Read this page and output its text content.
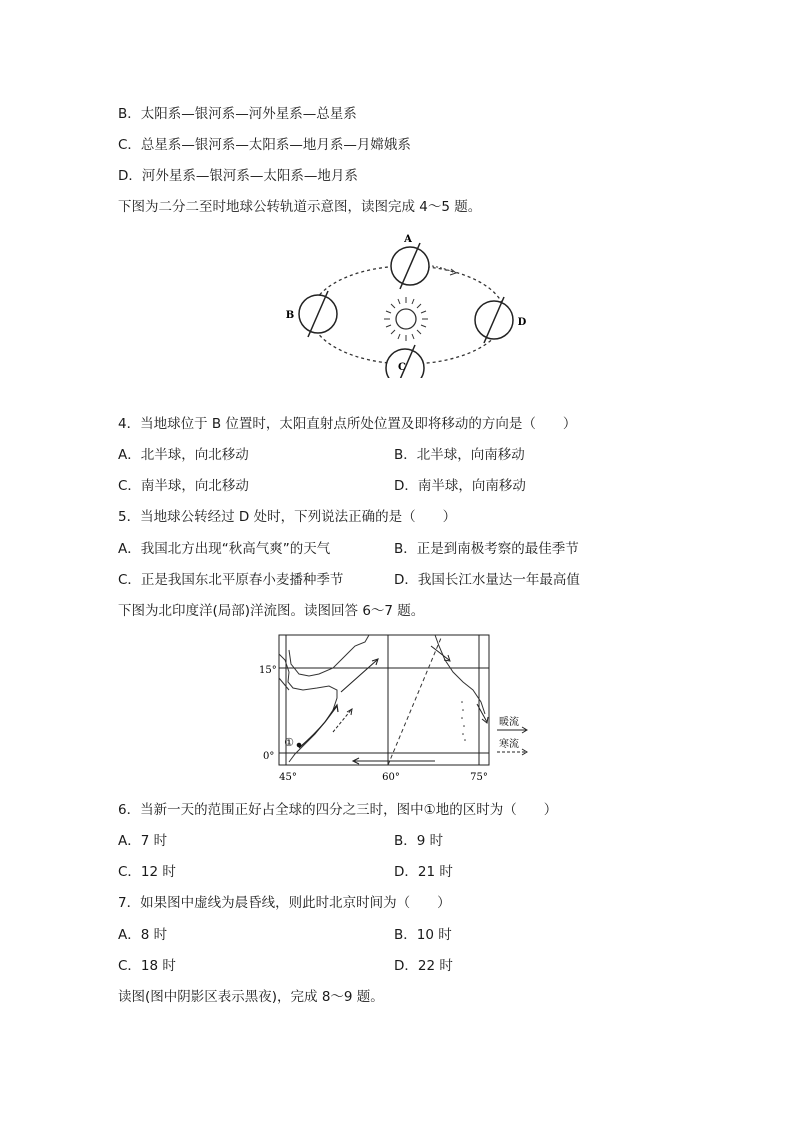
B．太阳系—银河系—河外星系—总星系
C．总星系—银河系—太阳系—地月系—月嫦娥系
D．河外星系—银河系—太阳系—地月系
下图为二分二至时地球公转轨道示意图，读图完成 4～5 题。
A
B
D
C
4．当地球位于 B 位置时，太阳直射点所处位置及即将移动的方向是（　　）
A．北半球，向北移动	B．北半球，向南移动
C．南半球，向北移动	D．南半球，向南移动
5．当地球公转经过 D 处时，下列说法正确的是（　　）
A．我国北方出现“秋高气爽”的天气	B．正是到南极考察的最佳季节
C．正是我国东北平原春小麦播种季节	D．我国长江水量达一年最高值
下图为北印度洋(局部)洋流图。读图回答 6～7 题。
①
15°
0°
45°	60°	75°
暖流
寒流
6．当新一天的范围正好占全球的四分之三时，图中①地的区时为（　　）
A．7 时	B．9 时
C．12 时	D．21 时
7．如果图中虚线为晨昏线，则此时北京时间为（　　）
A．8 时	B．10 时
C．18 时	D．22 时
读图(图中阴影区表示黑夜)，完成 8～9 题。
